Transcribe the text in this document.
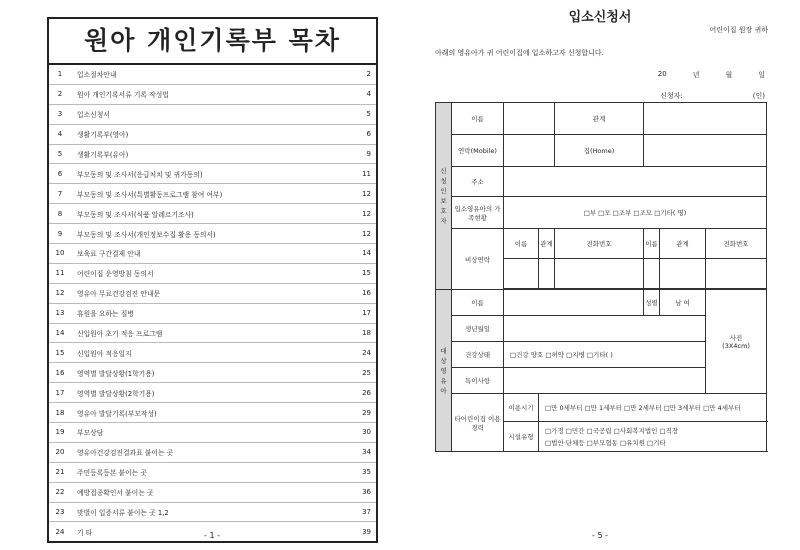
원아 개인기록부 목차
1	입소절차안내	2
2	원아 개인기록서류 기록 작성법	4
3	입소신청서	5
4	생활기록부(영아)	6
5	생활기록부(유아)	9
6	부모동의 및 조사서(응급처치 및 귀가동의)	11
7	부모동의 및 조사서(특별활동프로그램 참여 여부)	12
8	부모동의 및 조사서(식품 알레르기조사)	12
9	부모동의 및 조사서(개인정보수집 활용 동의서)	12
10	보육료 구간결제 안내	14
11	어린이집 운영방침 동의서	15
12	영유아 무료건강검진 안내문	16
13	휴원을 요하는 질병	17
14	신입원아 초기 적응 프로그램	18
15	신입원아 적응일지	24
16	영역별 발달상황(1학기용)	25
17	영역별 발달상황(2학기용)	26
18	영유아 발달기록(부모작성)	29
19	부모상담	30
20	영유아건강검진결과표 붙이는 곳	34
21	주민등록등본 붙이는 곳	35
22	예방접종확인서 붙이는 곳	36
23	맞벌이 입증서류 붙이는 곳 1,2	37
24	기 타	39
- 1 -
입소신청서
어린이집 원장 귀하
아래의 영유아가 귀 어린이집에 입소하고자 신청합니다.
20	년	월	일
신청자:	(인)
신청인보호자	이름			관계			
	연락(Mobile)			집(Home)			
	주소						
	입소영유아의 가족현황	□부 □모 □조부 □조모 □기타( 명)					
	비상연락	이름	관계	전화번호	이름	관계	전화번호

대상영유아	이름				성별	남 여	사진
(3X4cm)

	생년월일						
	건강상태	□건강 양호 □허약 □지병 □기타( )					
	특이사항						
	타어린이집 이용경력	이용시기	□만 0세부터 □만 1세부터 □만 2세부터 □만 3세부터 □만 4세부터				
		시설유형	□가정 □민간 □국공립 □사회복지법인 □직장
□법인·단체등 □부모협동 □유치원 □기타				
- 5 -
